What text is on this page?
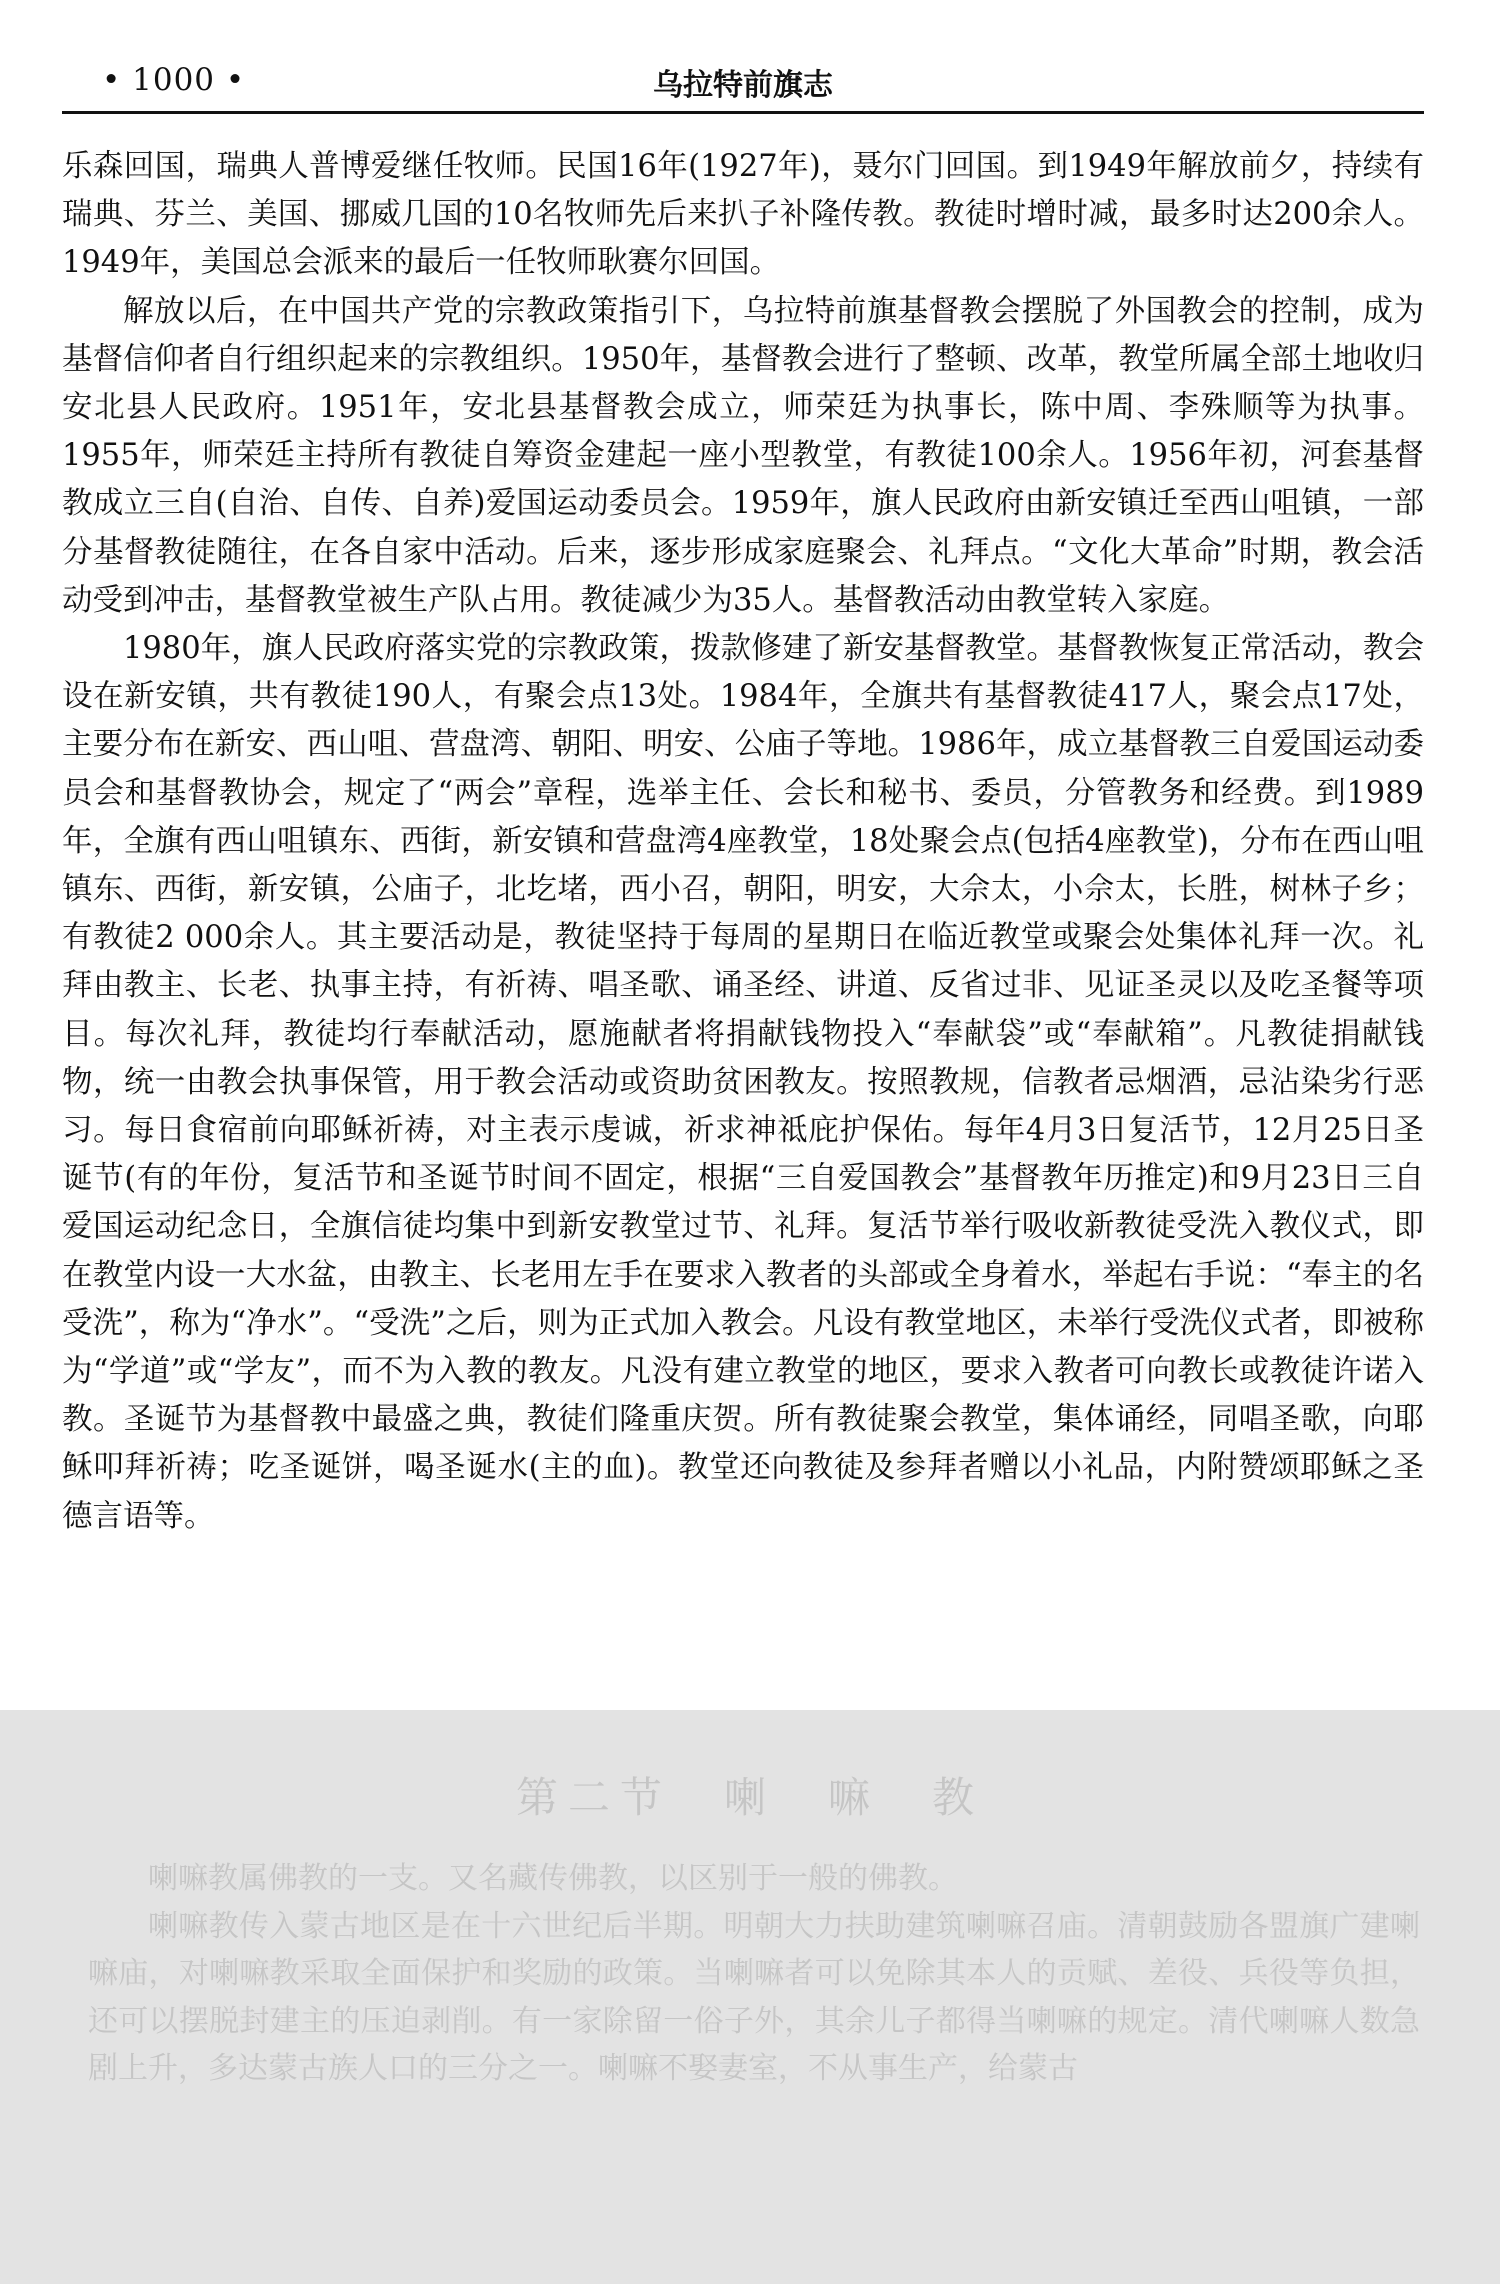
• 1000 •	乌拉特前旗志

乐森回国，瑞典人普博爱继任牧师。民国16年(1927年)，聂尔门回国。到1949年解放前夕，持续有瑞典、芬兰、美国、挪威几国的10名牧师先后来扒子补隆传教。教徒时增时减，最多时达200余人。1949年，美国总会派来的最后一任牧师耿赛尔回国。

解放以后，在中国共产党的宗教政策指引下，乌拉特前旗基督教会摆脱了外国教会的控制，成为基督信仰者自行组织起来的宗教组织。1950年，基督教会进行了整顿、改革，教堂所属全部土地收归安北县人民政府。1951年，安北县基督教会成立，师荣廷为执事长，陈中周、李殊顺等为执事。1955年，师荣廷主持所有教徒自筹资金建起一座小型教堂，有教徒100余人。1956年初，河套基督教成立三自(自治、自传、自养)爱国运动委员会。1959年，旗人民政府由新安镇迁至西山咀镇，一部分基督教徒随往，在各自家中活动。后来，逐步形成家庭聚会、礼拜点。“文化大革命”时期，教会活动受到冲击，基督教堂被生产队占用。教徒减少为35人。基督教活动由教堂转入家庭。

1980年，旗人民政府落实党的宗教政策，拨款修建了新安基督教堂。基督教恢复正常活动，教会设在新安镇，共有教徒190人，有聚会点13处。1984年，全旗共有基督教徒417人，聚会点17处，主要分布在新安、西山咀、营盘湾、朝阳、明安、公庙子等地。1986年，成立基督教三自爱国运动委员会和基督教协会，规定了“两会”章程，选举主任、会长和秘书、委员，分管教务和经费。到1989年，全旗有西山咀镇东、西街，新安镇和营盘湾4座教堂，18处聚会点(包括4座教堂)，分布在西山咀镇东、西街，新安镇，公庙子，北圪堵，西小召，朝阳，明安，大佘太，小佘太，长胜，树林子乡；有教徒2 000余人。其主要活动是，教徒坚持于每周的星期日在临近教堂或聚会处集体礼拜一次。礼拜由教主、长老、执事主持，有祈祷、唱圣歌、诵圣经、讲道、反省过非、见证圣灵以及吃圣餐等项目。每次礼拜，教徒均行奉献活动，愿施献者将捐献钱物投入“奉献袋”或“奉献箱”。凡教徒捐献钱物，统一由教会执事保管，用于教会活动或资助贫困教友。按照教规，信教者忌烟酒，忌沾染劣行恶习。每日食宿前向耶稣祈祷，对主表示虔诚，祈求神祗庇护保佑。每年4月3日复活节，12月25日圣诞节(有的年份，复活节和圣诞节时间不固定，根据“三自爱国教会”基督教年历推定)和9月23日三自爱国运动纪念日，全旗信徒均集中到新安教堂过节、礼拜。复活节举行吸收新教徒受洗入教仪式，即在教堂内设一大水盆，由教主、长老用左手在要求入教者的头部或全身着水，举起右手说：“奉主的名受洗”，称为“净水”。“受洗”之后，则为正式加入教会。凡设有教堂地区，未举行受洗仪式者，即被称为“学道”或“学友”，而不为入教的教友。凡没有建立教堂的地区，要求入教者可向教长或教徒许诺入教。圣诞节为基督教中最盛之典，教徒们隆重庆贺。所有教徒聚会教堂，集体诵经，同唱圣歌，向耶稣叩拜祈祷；吃圣诞饼，喝圣诞水(主的血)。教堂还向教徒及参拜者赠以小礼品，内附赞颂耶稣之圣德言语等。

第二节　喇　嘛　教

喇嘛教属佛教的一支。又名藏传佛教，以区别于一般的佛教。

喇嘛教传入蒙古地区是在十六世纪后半期。明朝大力扶助建筑喇嘛召庙。清朝鼓励各盟旗广建喇嘛庙，对喇嘛教采取全面保护和奖励的政策。当喇嘛者可以免除其本人的贡赋、差役、兵役等负担，还可以摆脱封建主的压迫剥削。有一家除留一俗子外，其余儿子都得当喇嘛的规定。清代喇嘛人数急剧上升，多达蒙古族人口的三分之一。喇嘛不娶妻室，不从事生产，给蒙古
